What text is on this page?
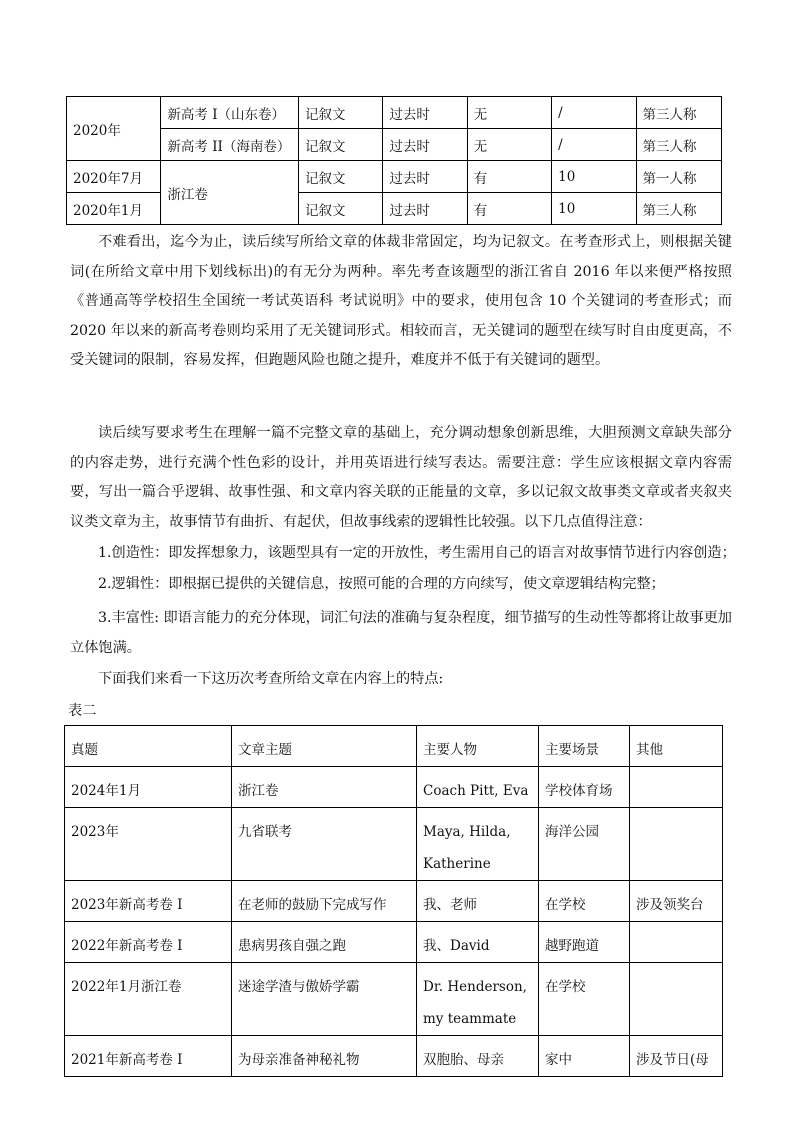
2020年	新高考 I（山东卷）	记叙文	过去时	无	/	第三人称
	新高考 II（海南卷）	记叙文	过去时	无	/	第三人称
2020年7月	浙江卷	记叙文	过去时	有	10	第一人称
2020年1月		记叙文	过去时	有	10	第三人称

不难看出，迄今为止，读后续写所给文章的体裁非常固定，均为记叙文。在考查形式上，则根据关键词(在所给文章中用下划线标出)的有无分为两种。率先考查该题型的浙江省自 2016 年以来便严格按照《普通高等学校招生全国统一考试英语科 考试说明》中的要求，使用包含 10 个关键词的考查形式；而 2020 年以来的新高考卷则均采用了无关键词形式。相较而言，无关键词的题型在续写时自由度更高，不受关键词的限制，容易发挥，但跑题风险也随之提升，难度并不低于有关键词的题型。

读后续写要求考生在理解一篇不完整文章的基础上，充分调动想象创新思维，大胆预测文章缺失部分的内容走势，进行充满个性色彩的设计，并用英语进行续写表达。需要注意：学生应该根据文章内容需要，写出一篇合乎逻辑、故事性强、和文章内容关联的正能量的文章，多以记叙文故事类文章或者夹叙夹议类文章为主，故事情节有曲折、有起伏，但故事线索的逻辑性比较强。以下几点值得注意：

1.创造性：即发挥想象力，该题型具有一定的开放性，考生需用自己的语言对故事情节进行内容创造；

2.逻辑性：即根据已提供的关键信息，按照可能的合理的方向续写，使文章逻辑结构完整；

3.丰富性: 即语言能力的充分体现，词汇句法的准确与复杂程度，细节描写的生动性等都将让故事更加立体饱满。

下面我们来看一下这历次考查所给文章在内容上的特点:

表二

真题	文章主题	主要人物	主要场景	其他
2024年1月	浙江卷	Coach Pitt, Eva	学校体育场	
2023年	九省联考	Maya, Hilda, Katherine	海洋公园	
2023年新高考卷 I	在老师的鼓励下完成写作	我、老师	在学校	涉及领奖台
2022年新高考卷 I	患病男孩自强之跑	我、David	越野跑道	
2022年1月浙江卷	迷途学渣与傲娇学霸	Dr. Henderson, my teammate	在学校	
2021年新高考卷 I	为母亲准备神秘礼物	双胞胎、母亲	家中	涉及节日(母
